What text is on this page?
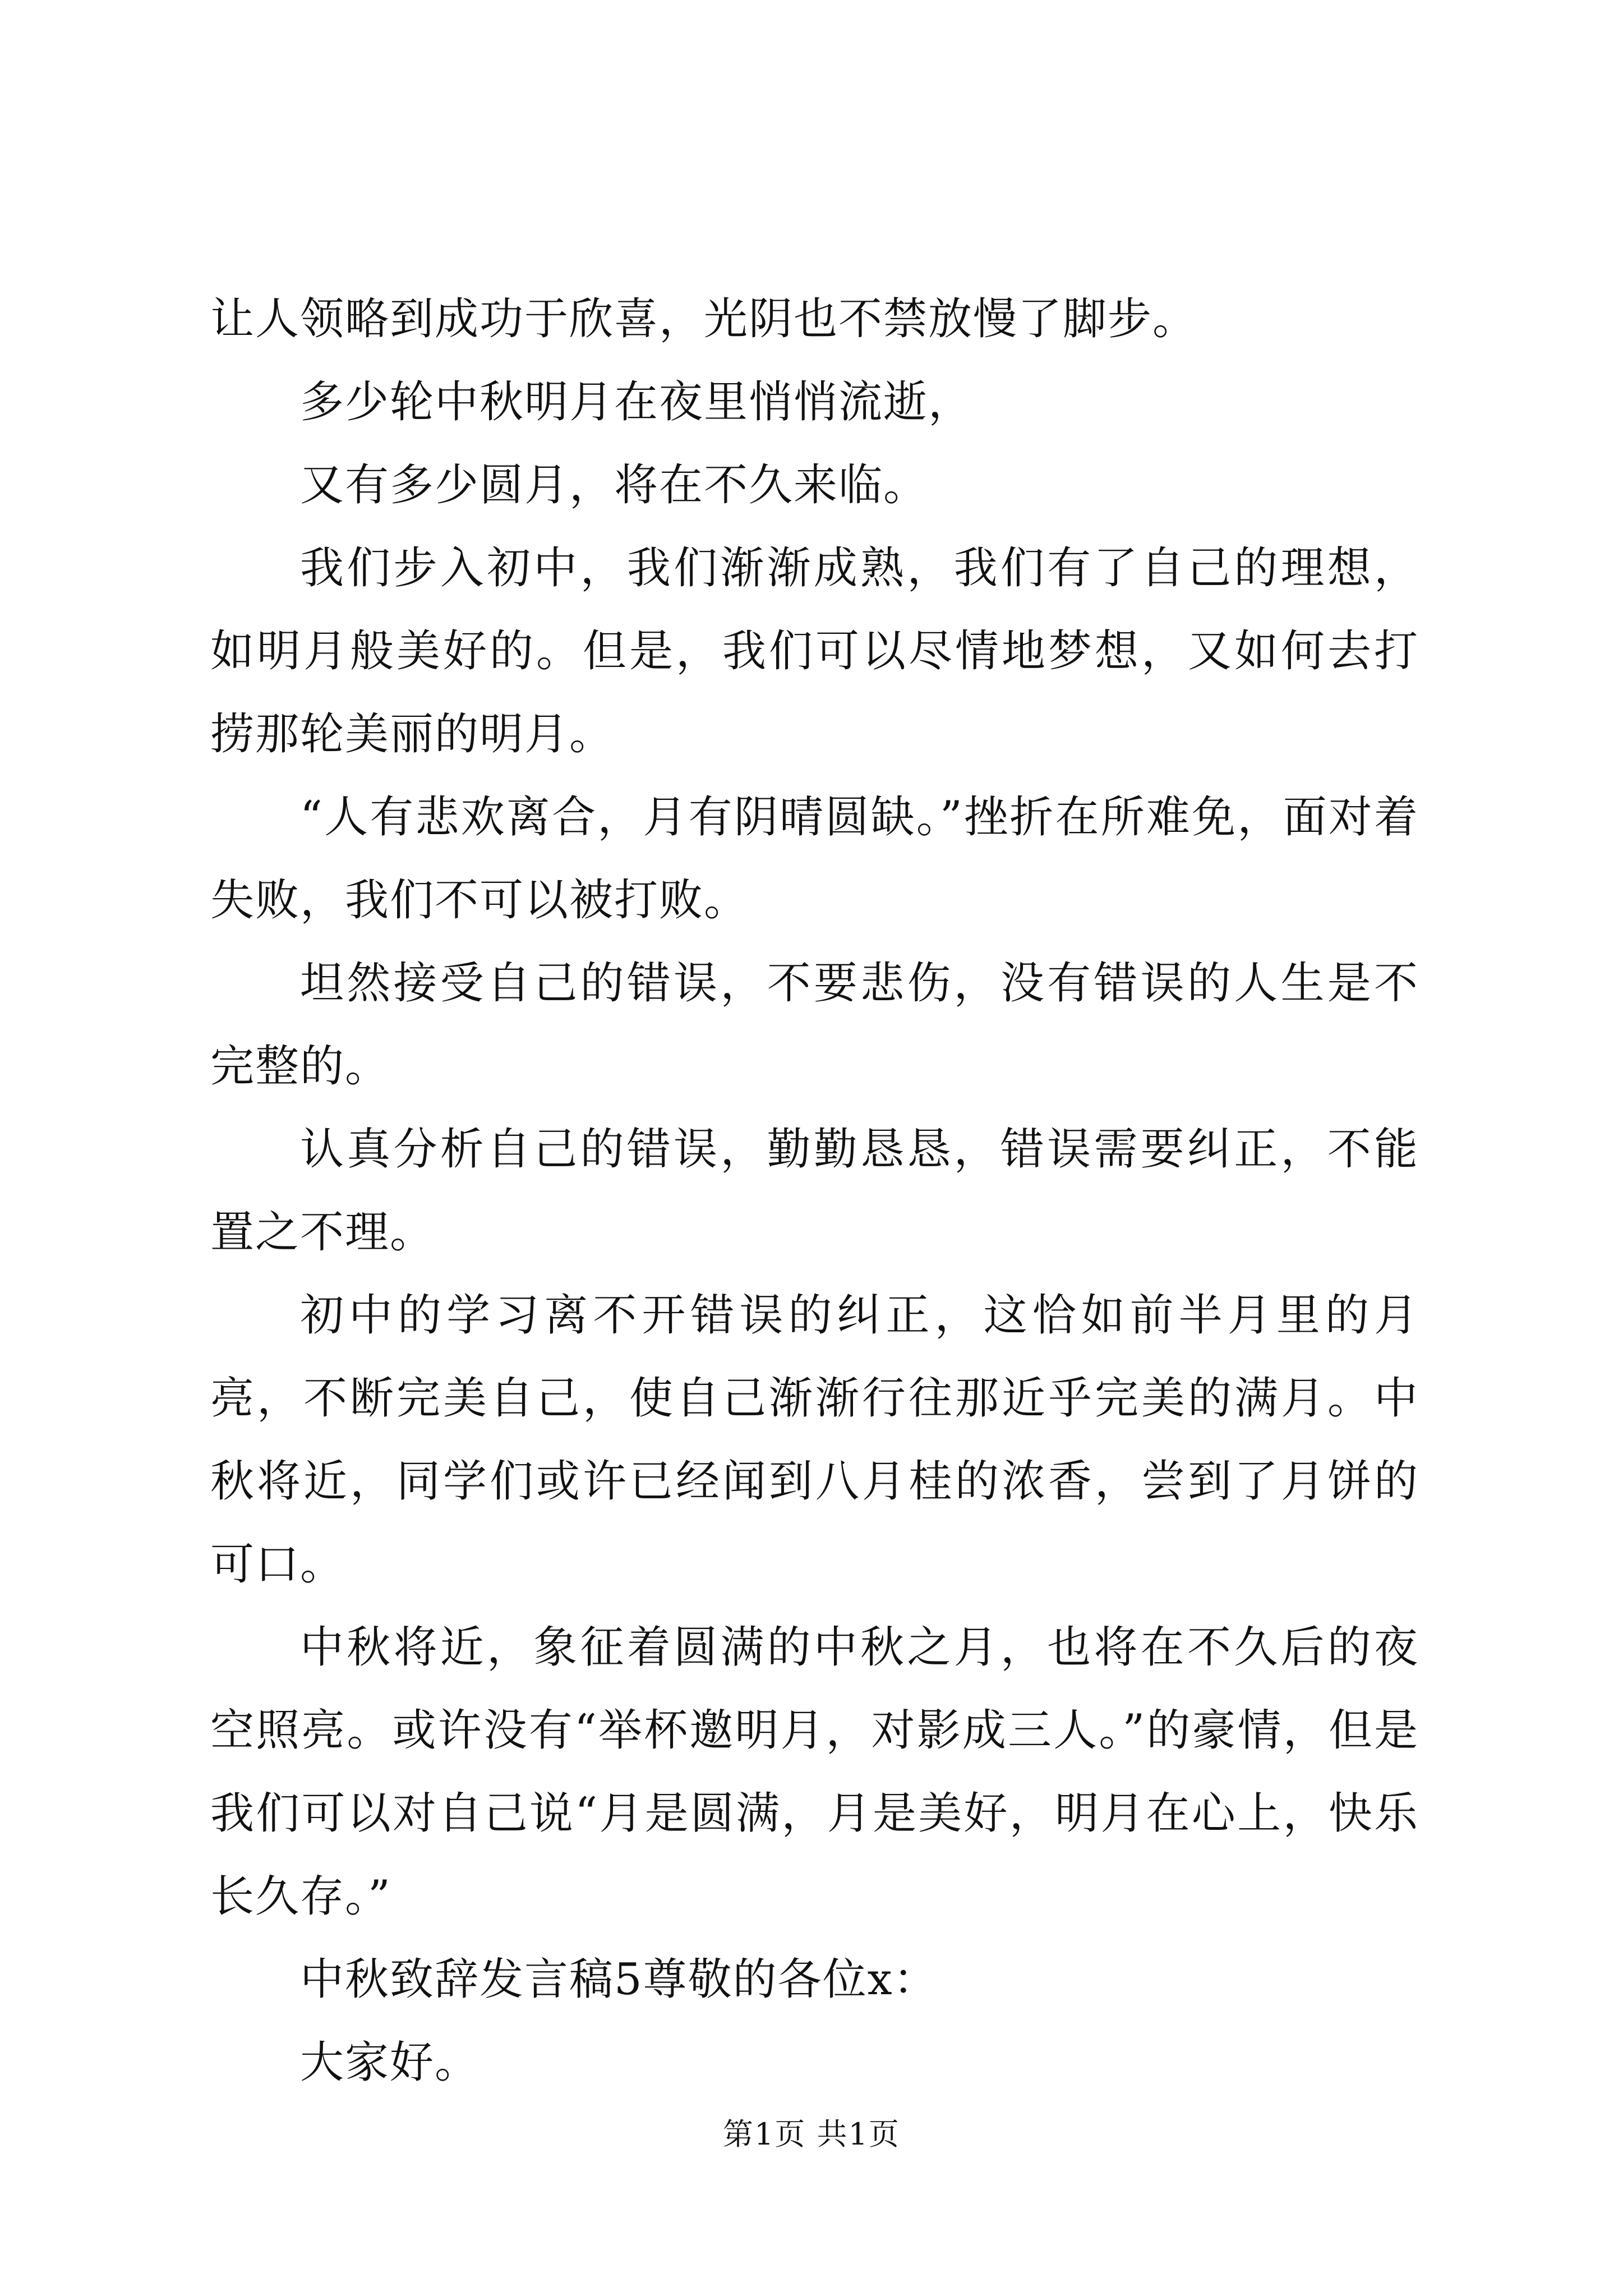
让人领略到成功于欣喜，光阴也不禁放慢了脚步。

多少轮中秋明月在夜里悄悄流逝，

又有多少圆月，将在不久来临。

我们步入初中，我们渐渐成熟，我们有了自己的理想，如明月般美好的。但是，我们可以尽情地梦想，又如何去打捞那轮美丽的明月。

“人有悲欢离合，月有阴晴圆缺。”挫折在所难免，面对着失败，我们不可以被打败。

坦然接受自己的错误，不要悲伤，没有错误的人生是不完整的。

认真分析自己的错误，勤勤恳恳，错误需要纠正，不能置之不理。

初中的学习离不开错误的纠正，这恰如前半月里的月亮，不断完美自己，使自己渐渐行往那近乎完美的满月。中秋将近，同学们或许已经闻到八月桂的浓香，尝到了月饼的可口。

中秋将近，象征着圆满的中秋之月，也将在不久后的夜空照亮。或许没有“举杯邀明月，对影成三人。”的豪情，但是我们可以对自己说“月是圆满，月是美好，明月在心上，快乐长久存。”

中秋致辞发言稿5尊敬的各位x：

大家好。

第1页 共1页
